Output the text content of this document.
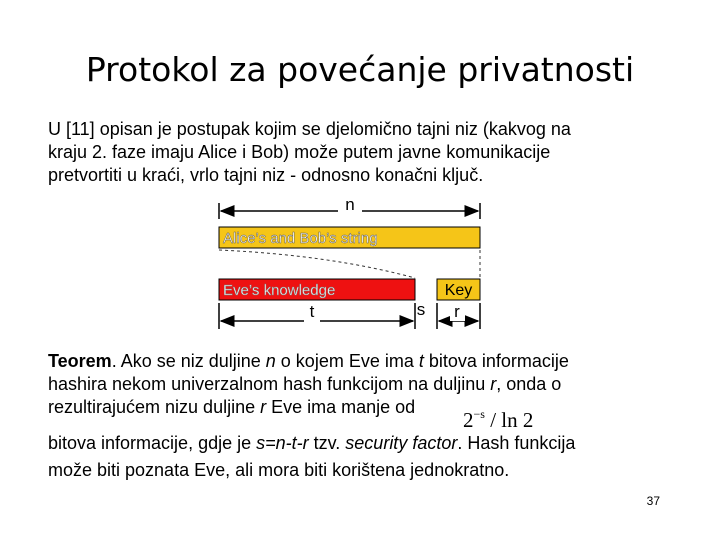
Protokol za povećanje privatnosti

U [11] opisan je postupak kojim se djelomično tajni niz (kakvog na
kraju 2. faze imaju Alice i Bob) može putem javne komunikacije
pretvortiti u kraći, vrlo tajni niz - odnosno konačni ključ.

n
Alice’s and Bob’s string
Eve’s knowledge	Key
t	s r

Teorem. Ako se niz duljine n o kojem Eve ima t bitova informacije
hashira nekom univerzalnom hash funkcijom na duljinu r, onda o
rezultirajućem nizu duljine r Eve ima manje od

$2^{-s}$ / ln 2

bitova informacije, gdje je s=n-t-r tzv. security factor. Hash funkcija
može biti poznata Eve, ali mora biti korištena jednokratno.

37
